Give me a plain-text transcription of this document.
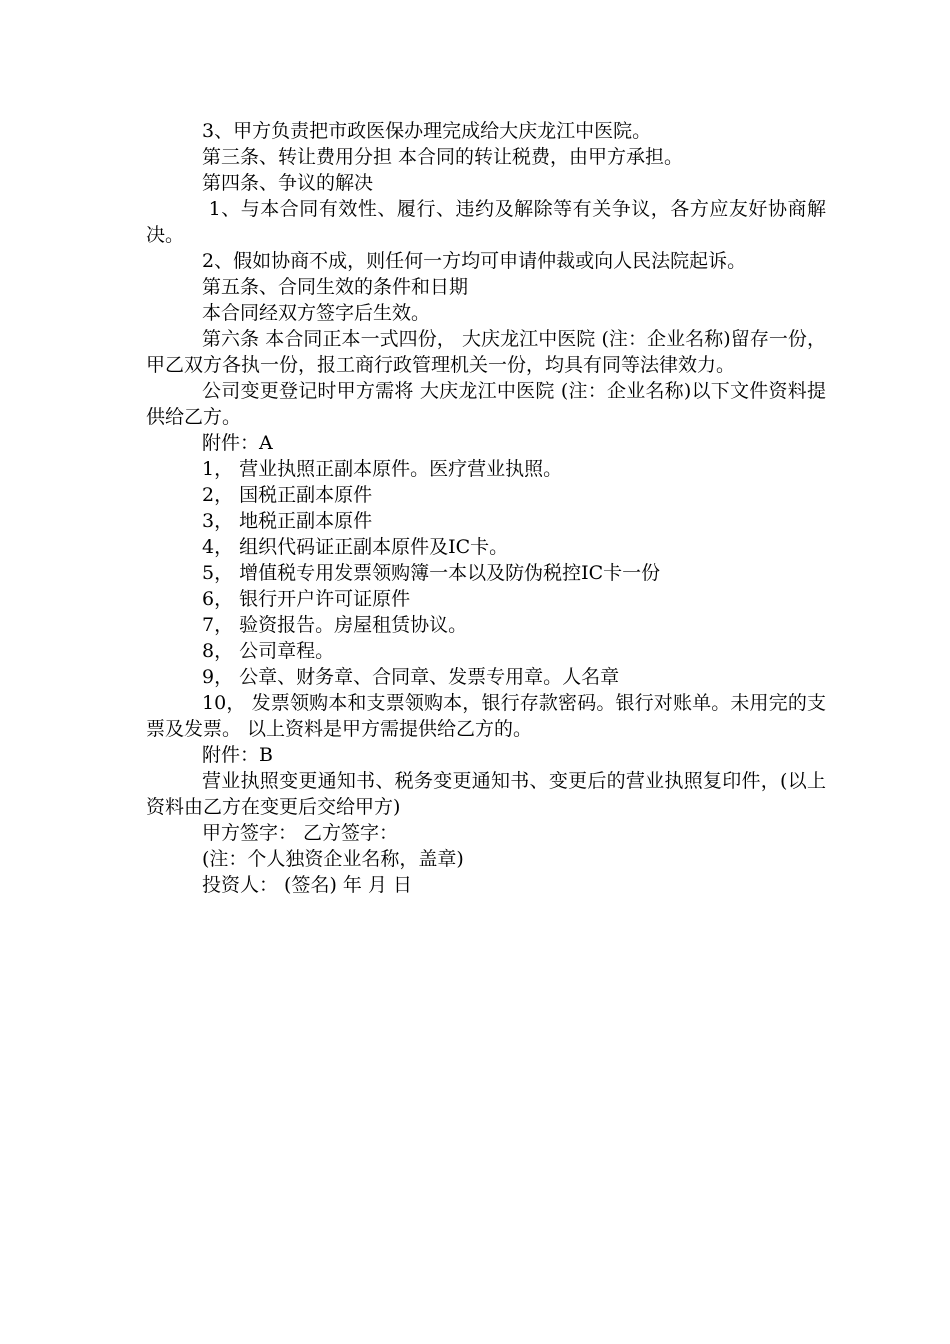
3、甲方负责把市政医保办理完成给大庆龙江中医院。

第三条、转让费用分担 本合同的转让税费，由甲方承担。

第四条、争议的解决

1、与本合同有效性、履行、违约及解除等有关争议，各方应友好协商解决。

2、假如协商不成，则任何一方均可申请仲裁或向人民法院起诉。

第五条、合同生效的条件和日期

本合同经双方签字后生效。

第六条 本合同正本一式四份， 大庆龙江中医院 (注：企业名称)留存一份，甲乙双方各执一份，报工商行政管理机关一份，均具有同等法律效力。

公司变更登记时甲方需将 大庆龙江中医院 (注：企业名称)以下文件资料提供给乙方。

附件：A

1， 营业执照正副本原件。医疗营业执照。

2， 国税正副本原件

3， 地税正副本原件

4， 组织代码证正副本原件及IC卡。

5， 增值税专用发票领购簿一本以及防伪税控IC卡一份

6， 银行开户许可证原件

7， 验资报告。房屋租赁协议。

8， 公司章程。

9， 公章、财务章、合同章、发票专用章。人名章

10， 发票领购本和支票领购本，银行存款密码。银行对账单。未用完的支票及发票。 以上资料是甲方需提供给乙方的。

附件：B

营业执照变更通知书、税务变更通知书、变更后的营业执照复印件，(以上资料由乙方在变更后交给甲方)

甲方签字： 乙方签字：

(注：个人独资企业名称，盖章)

投资人： (签名) 年 月 日
